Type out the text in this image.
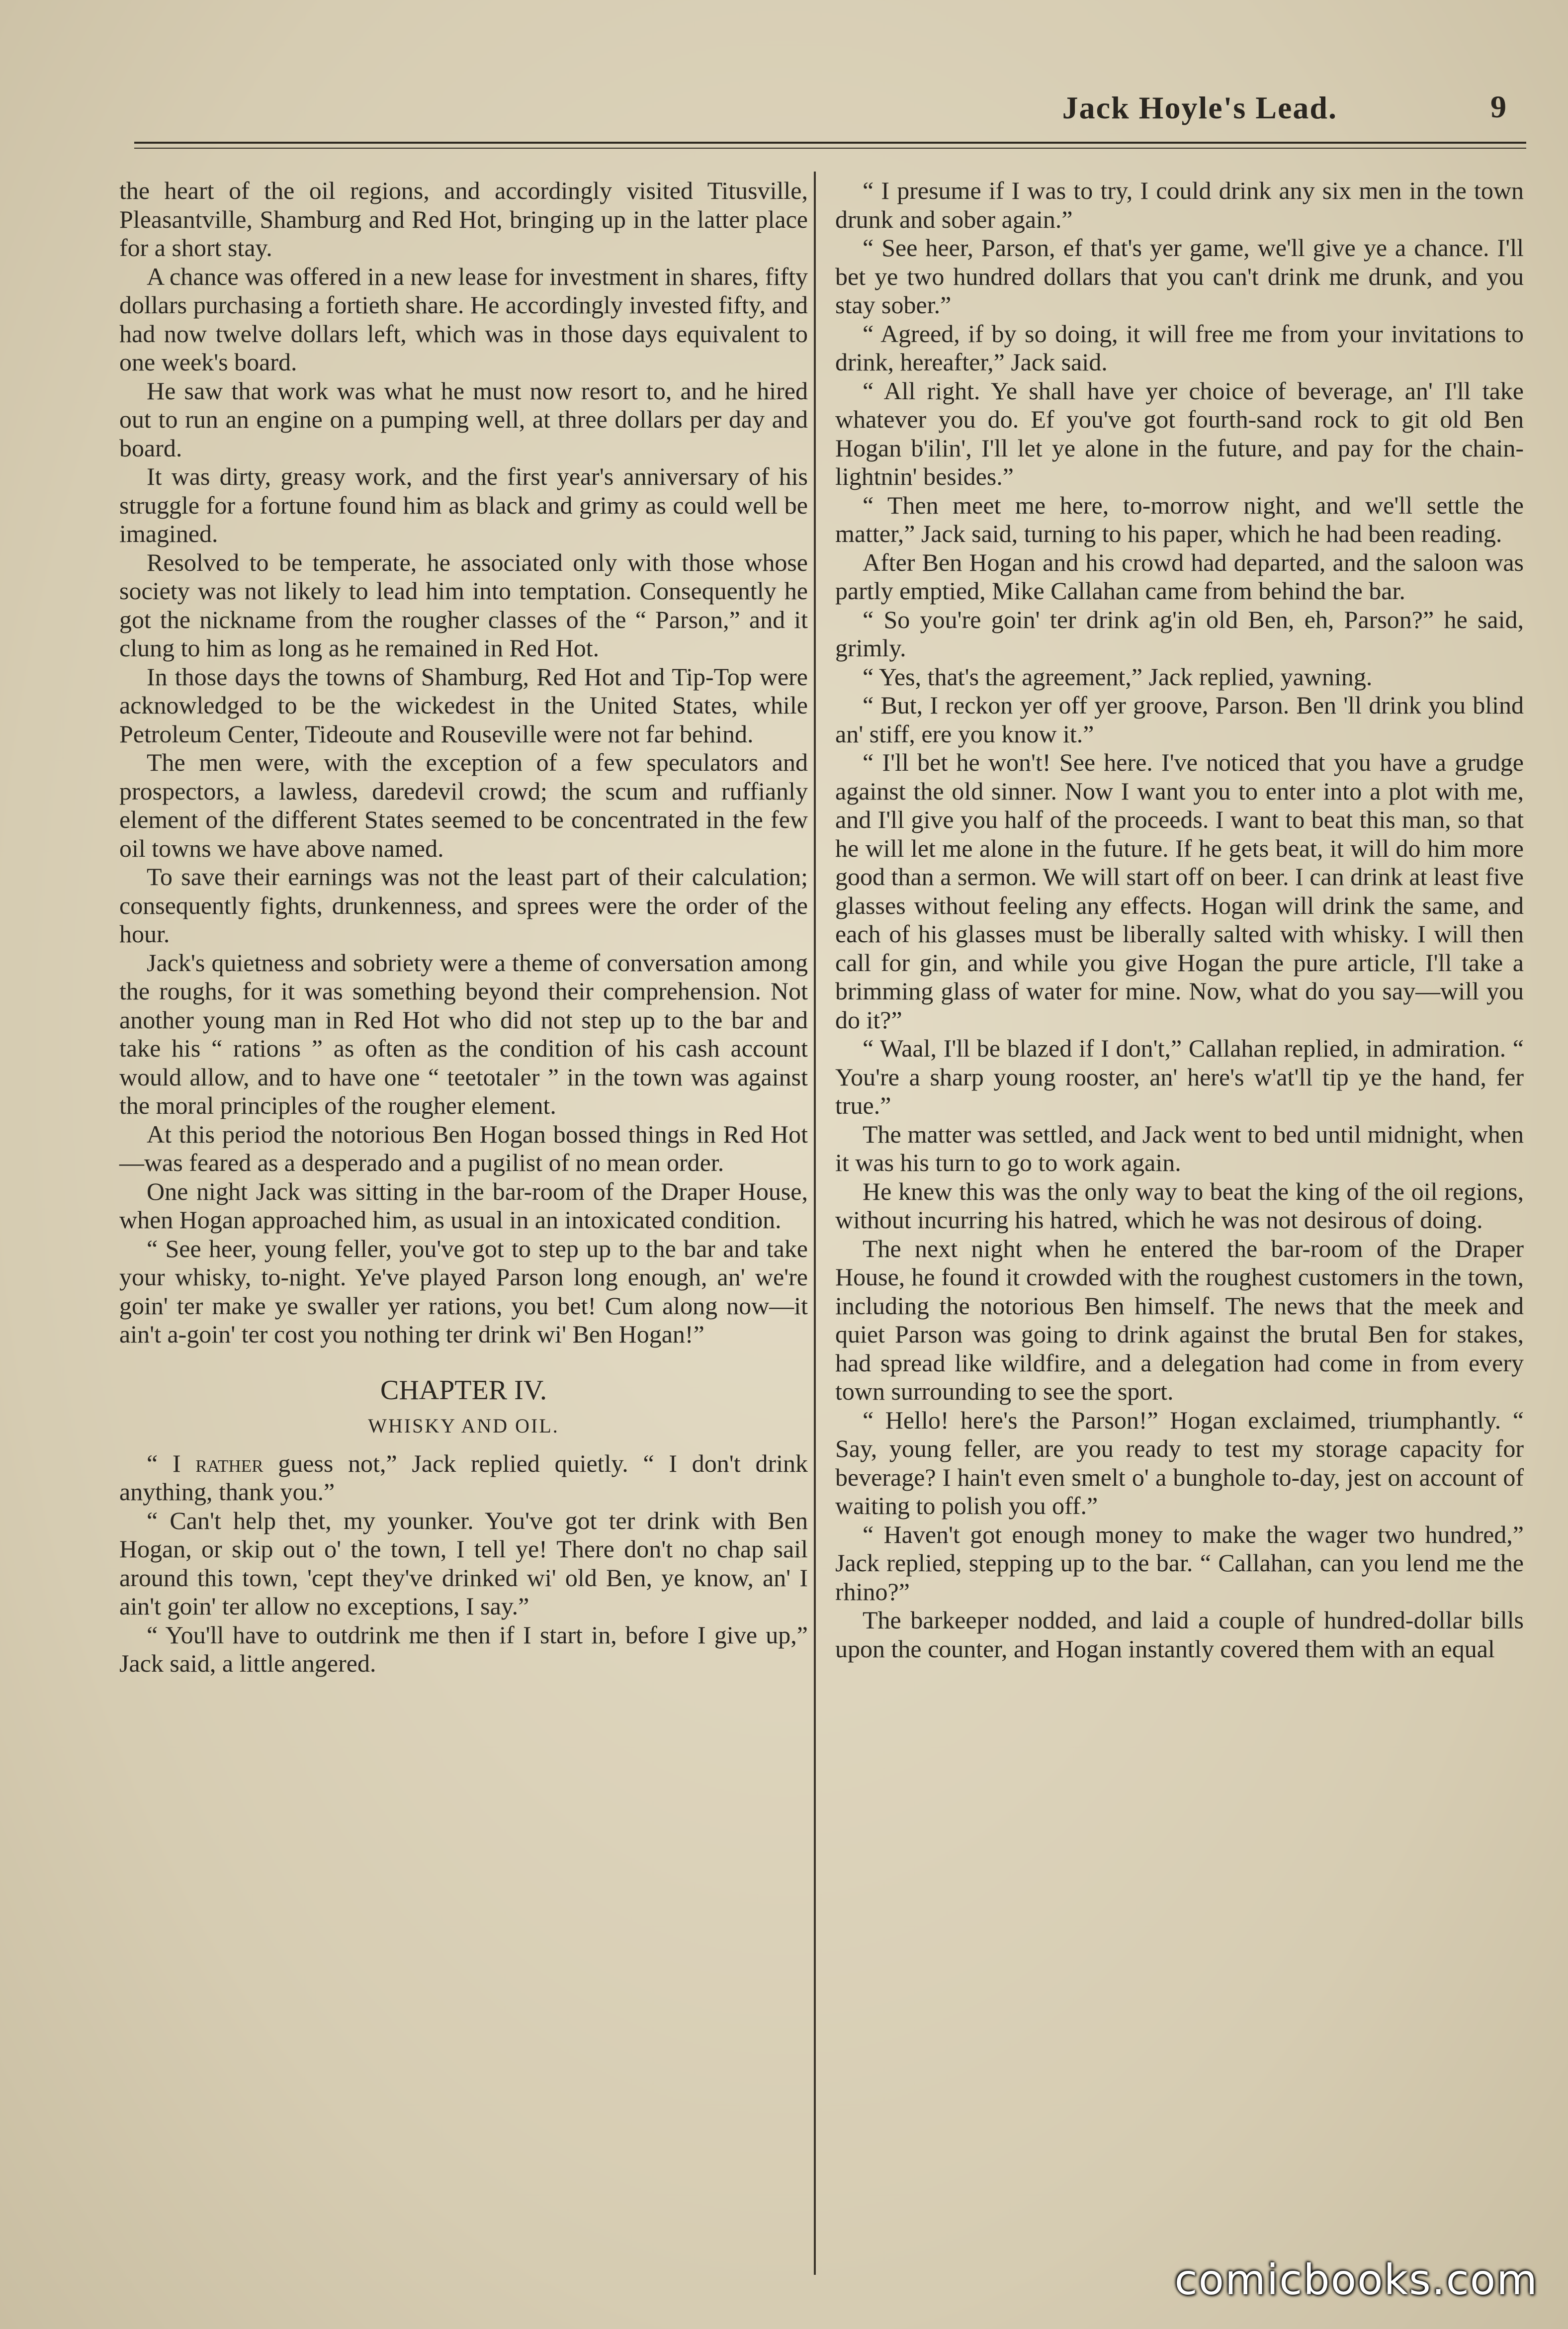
Jack Hoyle's Lead.	9

the heart of the oil regions, and accordingly visited Titusville, Pleasantville, Shamburg and Red Hot, bringing up in the latter place for a short stay.

A chance was offered in a new lease for investment in shares, fifty dollars purchasing a fortieth share. He accordingly invested fifty, and had now twelve dollars left, which was in those days equivalent to one week's board.

He saw that work was what he must now resort to, and he hired out to run an engine on a pumping well, at three dollars per day and board.

It was dirty, greasy work, and the first year's anniversary of his struggle for a fortune found him as black and grimy as could well be imagined.

Resolved to be temperate, he associated only with those whose society was not likely to lead him into temptation. Consequently he got the nickname from the rougher classes of the “ Parson,” and it clung to him as long as he remained in Red Hot.

In those days the towns of Shamburg, Red Hot and Tip-Top were acknowledged to be the wickedest in the United States, while Petroleum Center, Tideoute and Rouseville were not far behind.

The men were, with the exception of a few speculators and prospectors, a lawless, daredevil crowd; the scum and ruffianly element of the different States seemed to be concentrated in the few oil towns we have above named.

To save their earnings was not the least part of their calculation; consequently fights, drunkenness, and sprees were the order of the hour.

Jack's quietness and sobriety were a theme of conversation among the roughs, for it was something beyond their comprehension. Not another young man in Red Hot who did not step up to the bar and take his “ rations ” as often as the condition of his cash account would allow, and to have one “ teetotaler ” in the town was against the moral principles of the rougher element.

At this period the notorious Ben Hogan bossed things in Red Hot—was feared as a desperado and a pugilist of no mean order.

One night Jack was sitting in the bar-room of the Draper House, when Hogan approached him, as usual in an intoxicated condition.

“ See heer, young feller, you've got to step up to the bar and take your whisky, to-night. Ye've played Parson long enough, an' we're goin' ter make ye swaller yer rations, you bet! Cum along now—it ain't a-goin' ter cost you nothing ter drink wi' Ben Hogan!”

CHAPTER IV.
WHISKY AND OIL.

“ I rather guess not,” Jack replied quietly. “ I don't drink anything, thank you.”

“ Can't help thet, my younker. You've got ter drink with Ben Hogan, or skip out o' the town, I tell ye! There don't no chap sail around this town, 'cept they've drinked wi' old Ben, ye know, an' I ain't goin' ter allow no exceptions, I say.”

“ You'll have to outdrink me then if I start in, before I give up,” Jack said, a little angered.

“ I presume if I was to try, I could drink any six men in the town drunk and sober again.”

“ See heer, Parson, ef that's yer game, we'll give ye a chance. I'll bet ye two hundred dollars that you can't drink me drunk, and you stay sober.”

“ Agreed, if by so doing, it will free me from your invitations to drink, hereafter,” Jack said.

“ All right. Ye shall have yer choice of beverage, an' I'll take whatever you do. Ef you've got fourth-sand rock to git old Ben Hogan b'ilin', I'll let ye alone in the future, and pay for the chain-lightnin' besides.”

“ Then meet me here, to-morrow night, and we'll settle the matter,” Jack said, turning to his paper, which he had been reading.

After Ben Hogan and his crowd had departed, and the saloon was partly emptied, Mike Callahan came from behind the bar.

“ So you're goin' ter drink ag'in old Ben, eh, Parson?” he said, grimly.

“ Yes, that's the agreement,” Jack replied, yawning.

“ But, I reckon yer off yer groove, Parson. Ben 'll drink you blind an' stiff, ere you know it.”

“ I'll bet he won't! See here. I've noticed that you have a grudge against the old sinner. Now I want you to enter into a plot with me, and I'll give you half of the proceeds. I want to beat this man, so that he will let me alone in the future. If he gets beat, it will do him more good than a sermon. We will start off on beer. I can drink at least five glasses without feeling any effects. Hogan will drink the same, and each of his glasses must be liberally salted with whisky. I will then call for gin, and while you give Hogan the pure article, I'll take a brimming glass of water for mine. Now, what do you say—will you do it?”

“ Waal, I'll be blazed if I don't,” Callahan replied, in admiration. “ You're a sharp young rooster, an' here's w'at'll tip ye the hand, fer true.”

The matter was settled, and Jack went to bed until midnight, when it was his turn to go to work again.

He knew this was the only way to beat the king of the oil regions, without incurring his hatred, which he was not desirous of doing.

The next night when he entered the bar-room of the Draper House, he found it crowded with the roughest customers in the town, including the notorious Ben himself. The news that the meek and quiet Parson was going to drink against the brutal Ben for stakes, had spread like wildfire, and a delegation had come in from every town surrounding to see the sport.

“ Hello! here's the Parson!” Hogan exclaimed, triumphantly. “ Say, young feller, are you ready to test my storage capacity for beverage? I hain't even smelt o' a bunghole to-day, jest on account of waiting to polish you off.”

“ Haven't got enough money to make the wager two hundred,” Jack replied, stepping up to the bar. “ Callahan, can you lend me the rhino?”

The barkeeper nodded, and laid a couple of hundred-dollar bills upon the counter, and Hogan instantly covered them with an equal

comicbooks.com
